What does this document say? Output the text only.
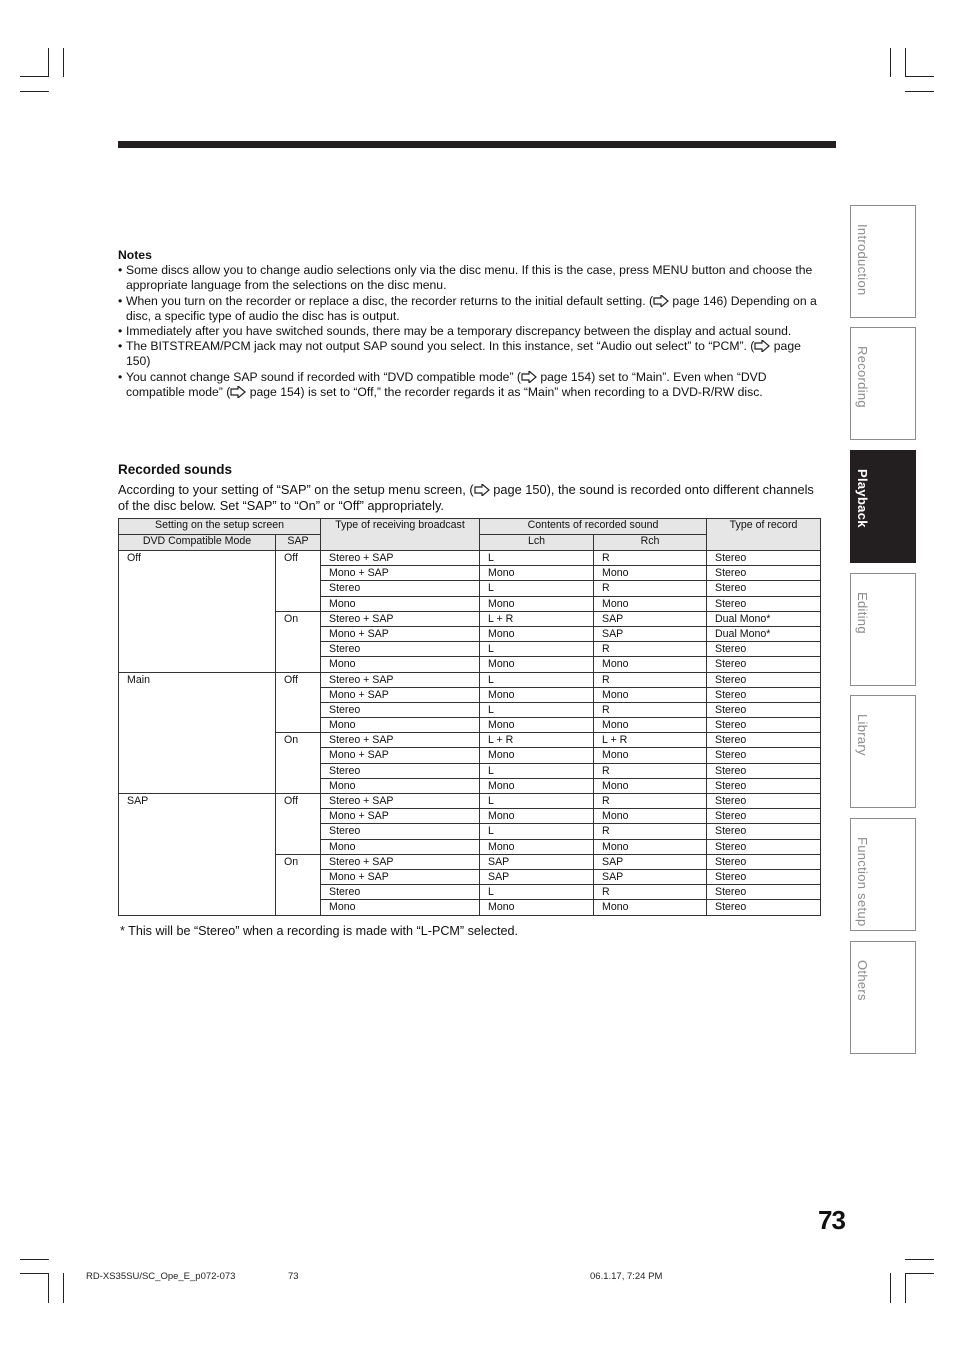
Notes
• Some discs allow you to change audio selections only via the disc menu. If this is the case, press MENU button and choose the appropriate language from the selections on the disc menu.
• When you turn on the recorder or replace a disc, the recorder returns to the initial default setting. ( page 146) Depending on a disc, a specific type of audio the disc has is output.
• Immediately after you have switched sounds, there may be a temporary discrepancy between the display and actual sound.
• The BITSTREAM/PCM jack may not output SAP sound you select. In this instance, set “Audio out select” to “PCM”. ( page 150)
• You cannot change SAP sound if recorded with “DVD compatible mode” ( page 154) set to “Main”. Even when “DVD compatible mode” ( page 154) is set to “Off,” the recorder regards it as “Main” when recording to a DVD-R/RW disc.
Recorded sounds
According to your setting of “SAP” on the setup menu screen, ( page 150), the sound is recorded onto different channels of the disc below. Set “SAP” to “On” or “Off” appropriately.
Setting on the setup screen		Type of receiving broadcast	Contents of recorded sound		Type of record
DVD Compatible Mode	SAP		Lch	Rch	
Off	Off	Stereo + SAP	L	R	Stereo
		Mono + SAP	Mono	Mono	Stereo
		Stereo	L	R	Stereo
		Mono	Mono	Mono	Stereo
	On	Stereo + SAP	L + R	SAP	Dual Mono*
		Mono + SAP	Mono	SAP	Dual Mono*
		Stereo	L	R	Stereo
		Mono	Mono	Mono	Stereo
Main	Off	Stereo + SAP	L	R	Stereo
		Mono + SAP	Mono	Mono	Stereo
		Stereo	L	R	Stereo
		Mono	Mono	Mono	Stereo
	On	Stereo + SAP	L + R	L + R	Stereo
		Mono + SAP	Mono	Mono	Stereo
		Stereo	L	R	Stereo
		Mono	Mono	Mono	Stereo
SAP	Off	Stereo + SAP	L	R	Stereo
		Mono + SAP	Mono	Mono	Stereo
		Stereo	L	R	Stereo
		Mono	Mono	Mono	Stereo
	On	Stereo + SAP	SAP	SAP	Stereo
		Mono + SAP	SAP	SAP	Stereo
		Stereo	L	R	Stereo
		Mono	Mono	Mono	Stereo
* This will be “Stereo” when a recording is made with “L-PCM” selected.
Introduction
Recording
Playback
Editing
Library
Function setup
Others
73
RD-XS35SU/SC_Ope_E_p072-073	73	06.1.17, 7:24 PM
